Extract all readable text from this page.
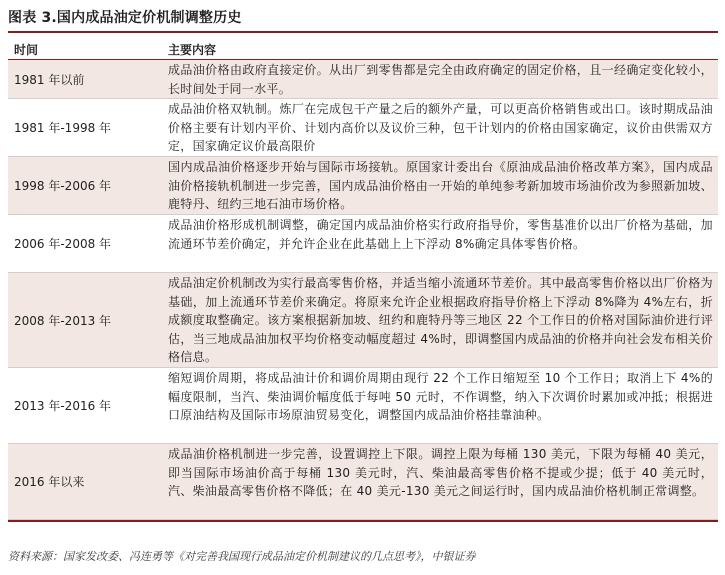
图表 3.国内成品油定价机制调整历史
时间	主要内容
1981 年以前
成品油价格由政府直接定价。从出厂到零售都是完全由政府确定的固定价格，且一经确定变化较小，长时间处于同一水平。
1981 年-1998 年
成品油价格双轨制。炼厂在完成包干产量之后的额外产量，可以更高价格销售或出口。该时期成品油价格主要有计划内平价、计划内高价以及议价三种，包干计划内的价格由国家确定，议价由供需双方定，国家确定议价最高限价
1998 年-2006 年
国内成品油价格逐步开始与国际市场接轨。原国家计委出台《原油成品油价格改革方案》，国内成品油价格接轨机制进一步完善，国内成品油价格由一开始的单纯参考新加坡市场油价改为参照新加坡、鹿特丹、纽约三地石油市场价格。
2006 年-2008 年
成品油价格形成机制调整，确定国内成品油价格实行政府指导价，零售基准价以出厂价格为基础，加流通环节差价确定，并允许企业在此基础上上下浮动 8%确定具体零售价格。
2008 年-2013 年
成品油定价机制改为实行最高零售价格，并适当缩小流通环节差价。其中最高零售价格以出厂价格为基础，加上流通环节差价来确定。将原来允许企业根据政府指导价格上下浮动 8%降为 4%左右，折成额度取整确定。该方案根据新加坡、纽约和鹿特丹等三地区 22 个工作日的价格对国际油价进行评估，当三地成品油加权平均价格变动幅度超过 4%时，即调整国内成品油的价格并向社会发布相关价格信息。
2013 年-2016 年
缩短调价周期，将成品油计价和调价周期由现行 22 个工作日缩短至 10 个工作日；取消上下 4%的幅度限制，当汽、柴油调价幅度低于每吨 50 元时，不作调整，纳入下次调价时累加或冲抵；根据进口原油结构及国际市场原油贸易变化，调整国内成品油价格挂靠油种。
2016 年以来
成品油价格机制进一步完善，设置调控上下限。调控上限为每桶 130 美元，下限为每桶 40 美元，即当国际市场油价高于每桶 130 美元时，汽、柴油最高零售价格不提或少提；低于 40 美元时，汽、柴油最高零售价格不降低；在 40 美元-130 美元之间运行时，国内成品油价格机制正常调整。
资料来源：国家发改委、冯连勇等《对完善我国现行成品油定价机制建议的几点思考》，中银证券
